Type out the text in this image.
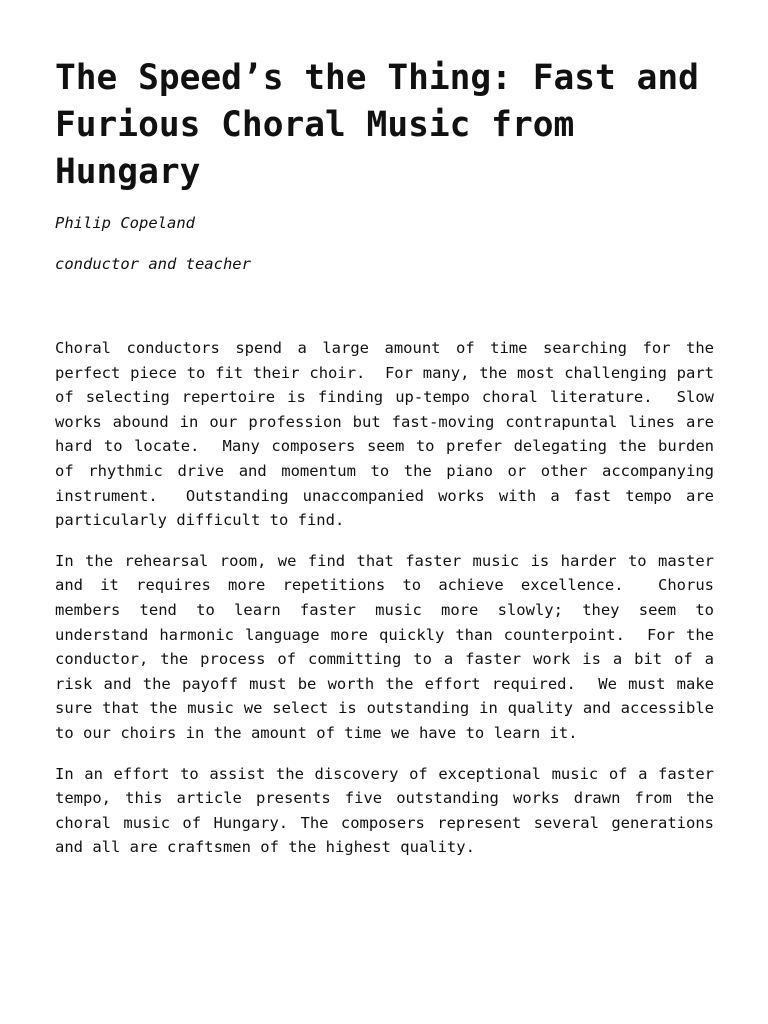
The Speed’s the Thing: Fast and Furious Choral Music from Hungary

Philip Copeland

conductor and teacher

Choral conductors spend a large amount of time searching for the perfect piece to fit their choir.  For many, the most challenging part of selecting repertoire is finding up-tempo choral literature.  Slow works abound in our profession but fast-moving contrapuntal lines are hard to locate.  Many composers seem to prefer delegating the burden of rhythmic drive and momentum to the piano or other accompanying instrument.  Outstanding unaccompanied works with a fast tempo are particularly difficult to find.

In the rehearsal room, we find that faster music is harder to master and it requires more repetitions to achieve excellence.  Chorus members tend to learn faster music more slowly; they seem to understand harmonic language more quickly than counterpoint.  For the conductor, the process of committing to a faster work is a bit of a risk and the payoff must be worth the effort required.  We must make sure that the music we select is outstanding in quality and accessible to our choirs in the amount of time we have to learn it.

In an effort to assist the discovery of exceptional music of a faster tempo, this article presents five outstanding works drawn from the choral music of Hungary. The composers represent several generations and all are craftsmen of the highest quality.
